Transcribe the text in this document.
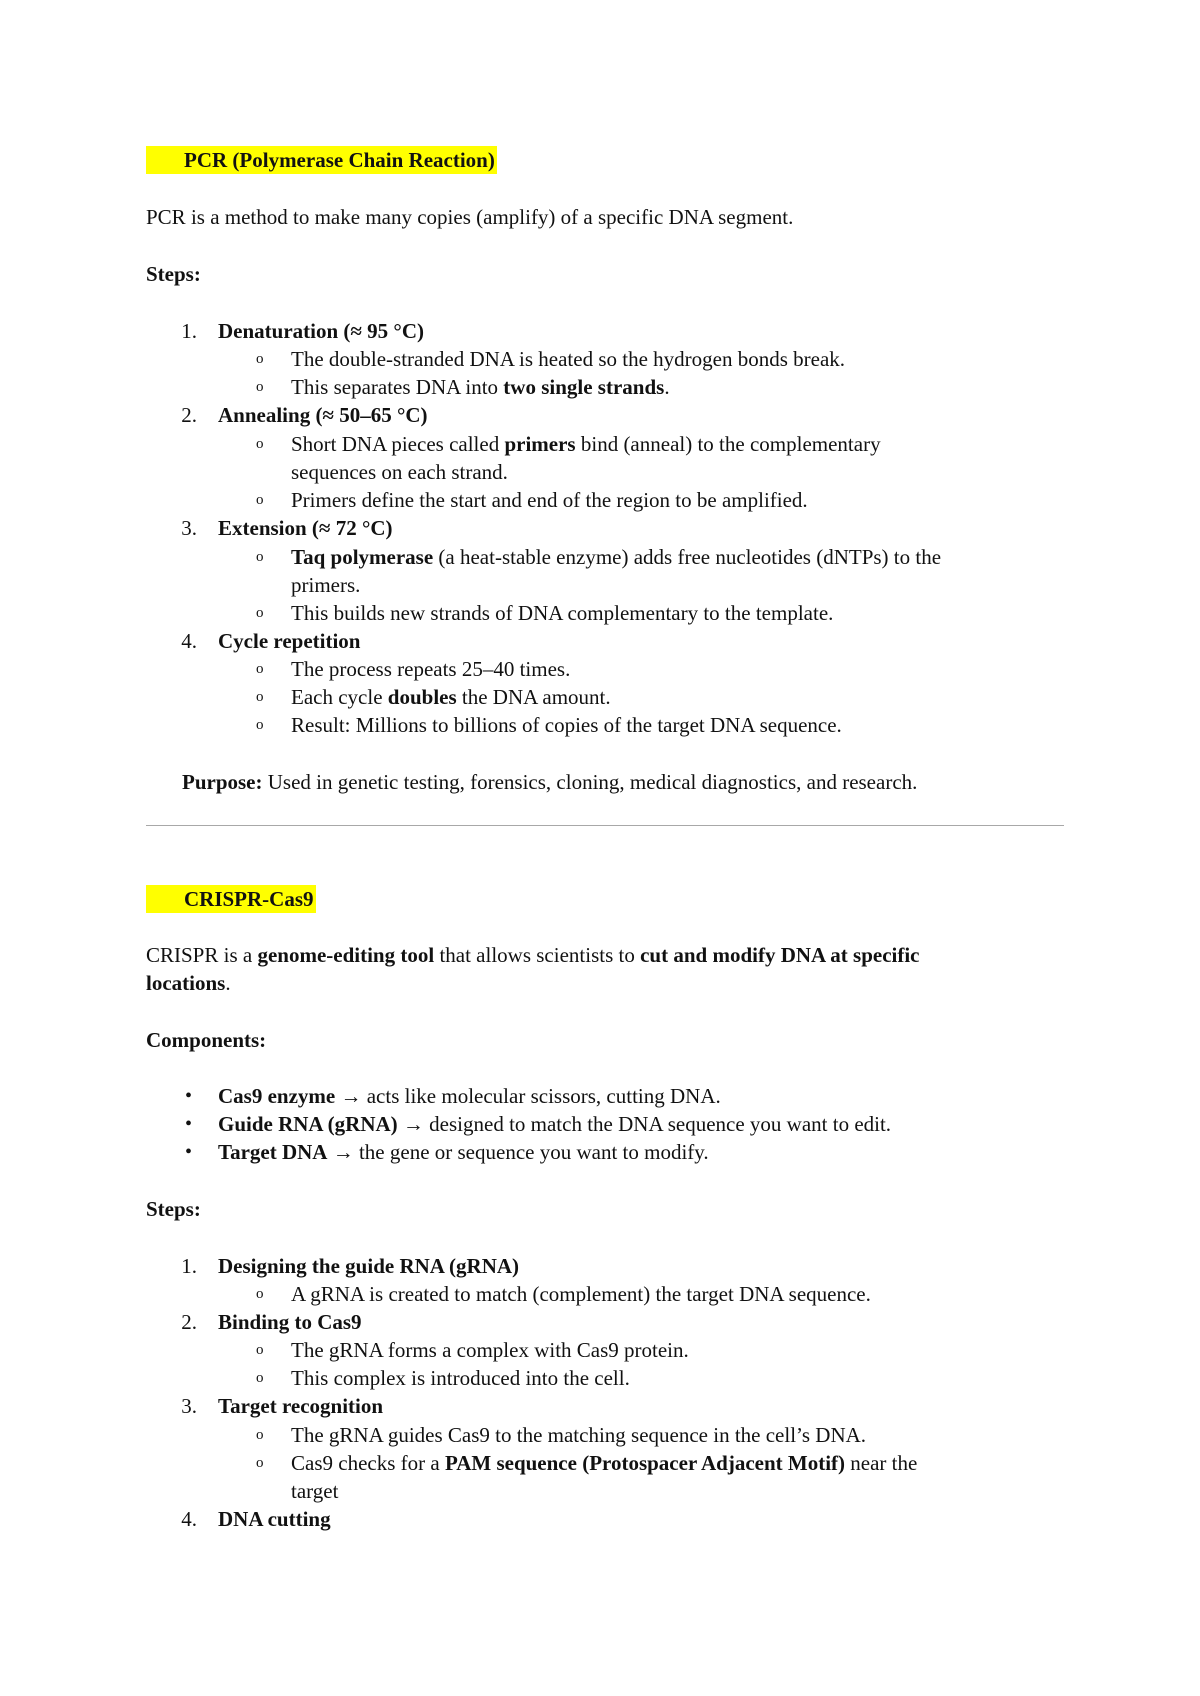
PCR (Polymerase Chain Reaction)
PCR is a method to make many copies (amplify) of a specific DNA segment.
Steps:
1. Denaturation (≈ 95 °C)
o The double-stranded DNA is heated so the hydrogen bonds break.
o This separates DNA into two single strands.
2. Annealing (≈ 50–65 °C)
o Short DNA pieces called primers bind (anneal) to the complementary
sequences on each strand.
o Primers define the start and end of the region to be amplified.
3. Extension (≈ 72 °C)
o Taq polymerase (a heat-stable enzyme) adds free nucleotides (dNTPs) to the
primers.
o This builds new strands of DNA complementary to the template.
4. Cycle repetition
o The process repeats 25–40 times.
o Each cycle doubles the DNA amount.
o Result: Millions to billions of copies of the target DNA sequence.
Purpose: Used in genetic testing, forensics, cloning, medical diagnostics, and research.
CRISPR-Cas9
CRISPR is a genome-editing tool that allows scientists to cut and modify DNA at specific
locations.
Components:
• Cas9 enzyme → acts like molecular scissors, cutting DNA.
• Guide RNA (gRNA) → designed to match the DNA sequence you want to edit.
• Target DNA → the gene or sequence you want to modify.
Steps:
1. Designing the guide RNA (gRNA)
o A gRNA is created to match (complement) the target DNA sequence.
2. Binding to Cas9
o The gRNA forms a complex with Cas9 protein.
o This complex is introduced into the cell.
3. Target recognition
o The gRNA guides Cas9 to the matching sequence in the cell’s DNA.
o Cas9 checks for a PAM sequence (Protospacer Adjacent Motif) near the
target
4. DNA cutting
